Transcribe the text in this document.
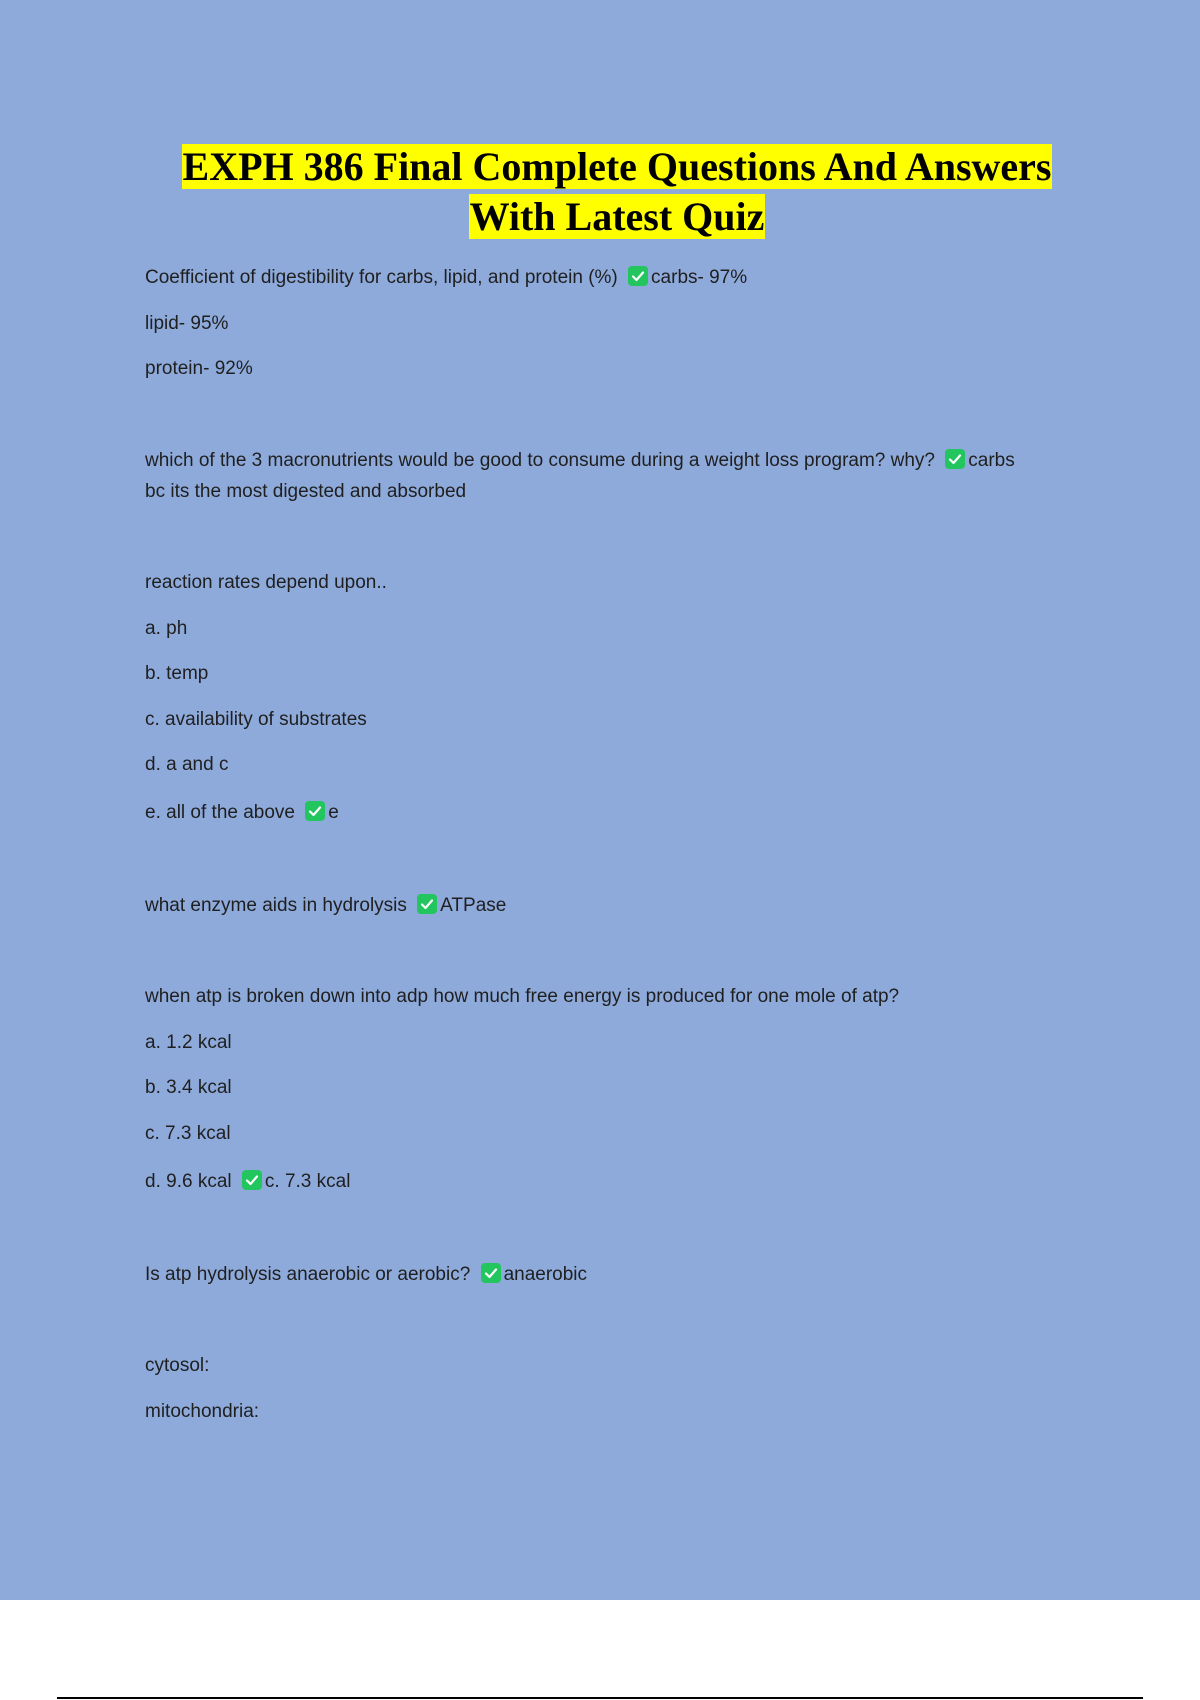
EXPH 386 Final Complete Questions And Answers
With Latest Quiz
Coefficient of digestibility for carbs, lipid, and protein (%) carbs- 97%
lipid- 95%
protein- 92%
which of the 3 macronutrients would be good to consume during a weight loss program? why? carbs
bc its the most digested and absorbed
reaction rates depend upon..
a. ph
b. temp
c. availability of substrates
d. a and c
e. all of the above e
what enzyme aids in hydrolysis ATPase
when atp is broken down into adp how much free energy is produced for one mole of atp?
a. 1.2 kcal
b. 3.4 kcal
c. 7.3 kcal
d. 9.6 kcal c. 7.3 kcal
Is atp hydrolysis anaerobic or aerobic? anaerobic
cytosol:
mitochondria:
